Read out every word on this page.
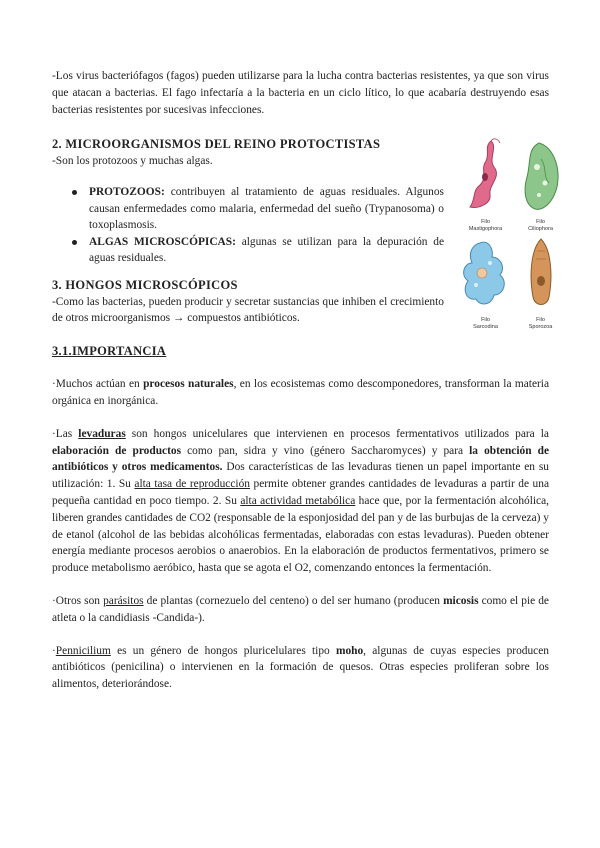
-Los virus bacteriófagos (fagos) pueden utilizarse para la lucha contra bacterias resistentes, ya que son virus que atacan a bacterias. El fago infectaría a la bacteria en un ciclo lítico, lo que acabaría destruyendo esas bacterias resistentes por sucesivas infecciones.

2. MICROORGANISMOS DEL REINO PROTOCTISTAS

-Son los protozoos y muchas algas.

PROTOZOOS: contribuyen al tratamiento de aguas residuales. Algunos causan enfermedades como malaria, enfermedad del sueño (Trypanosoma) o toxoplasmosis.
ALGAS MICROSCÓPICAS: algunas se utilizan para la depuración de aguas residuales.
3. HONGOS MICROSCÓPICOS

-Como las bacterias, pueden producir y secretar sustancias que inhiben el crecimiento de otros microorganismos → compuestos antibióticos.

3.1.IMPORTANCIA

·Muchos actúan en procesos naturales, en los ecosistemas como descomponedores, transforman la materia orgánica en inorgánica.

·Las levaduras son hongos unicelulares que intervienen en procesos fermentativos utilizados para la elaboración de productos como pan, sidra y vino (género Saccharomyces) y para la obtención de antibióticos y otros medicamentos. Dos características de las levaduras tienen un papel importante en su utilización: 1. Su alta tasa de reproducción permite obtener grandes cantidades de levaduras a partir de una pequeña cantidad en poco tiempo. 2. Su alta actividad metabólica hace que, por la fermentación alcohólica, liberen grandes cantidades de CO2 (responsable de la esponjosidad del pan y de las burbujas de la cerveza) y de etanol (alcohol de las bebidas alcohólicas fermentadas, elaboradas con estas levaduras). Pueden obtener energía mediante procesos aerobios o anaerobios. En la elaboración de productos fermentativos, primero se produce metabolismo aeróbico, hasta que se agota el O2, comenzando entonces la fermentación.

·Otros son parásitos de plantas (cornezuelo del centeno) o del ser humano (producen micosis como el pie de atleta o la candidiasis -Candida-).

·Pennicilium es un género de hongos pluricelulares tipo moho, algunas de cuyas especies producen antibióticos (penicilina) o intervienen en la formación de quesos. Otras especies proliferan sobre los alimentos, deteriorándose.

Filo
Mastigophora
Filo
Ciliophora
Filo
Sarcodina
Filo
Sporozoa
